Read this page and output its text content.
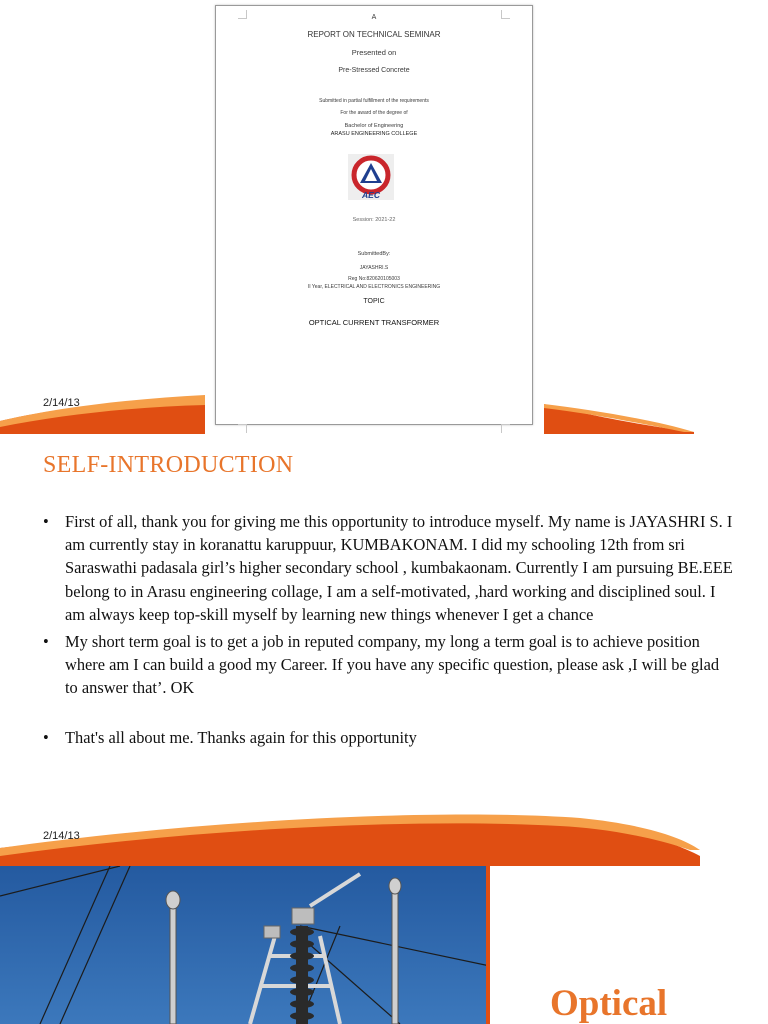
2/14/13
A
REPORT ON TECHNICAL SEMINAR
Presented on
Pre-Stressed Concrete
Submitted in partial fulfillment of the requirements
For the award of the degree of
Bachelor of Engineering
ARASU ENGINEERING COLLEGE
AEC
Session: 2021-22
SubmittedBy:
JAYASHRI.S
Reg No:820620105003
II Year, ELECTRICAL AND ELECTRONICS ENGINEERING
TOPIC
OPTICAL CURRENT TRANSFORMER
SELF-INTRODUCTION
• First of all, thank you for giving me this opportunity to introduce myself. My name is JAYASHRI S. I am currently stay in koranattu karuppuur, KUMBAKONAM. I did my schooling 12th from sri Saraswathi padasala girl’s higher secondary school , kumbakaonam. Currently I am pursuing BE.EEE belong to in Arasu engineering collage, I am a self-motivated, ,hard working and disciplined soul. I am always keep top-skill myself by learning new things whenever I get a chance
• My short term goal is to get a job in reputed company, my long a term goal is to achieve position where am I can build a good my Career. If you have any specific question, please ask ,I will be glad to answer that’. OK
• That's all about me. Thanks again for this opportunity
2/14/13
Optical
